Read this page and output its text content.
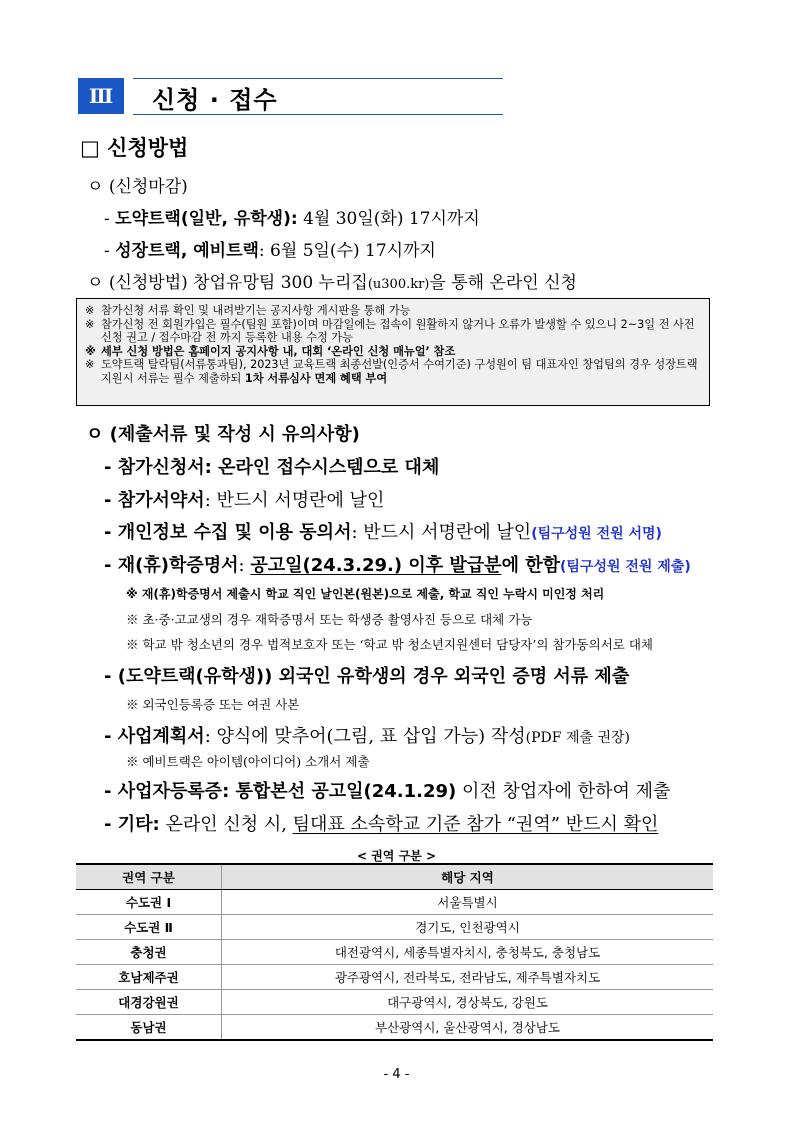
Ⅲ	신청 · 접수
□ 신청방법
ㅇ (신청마감)
- 도약트랙(일반, 유학생): 4월 30일(화) 17시까지
- 성장트랙, 예비트랙: 6월 5일(수) 17시까지
ㅇ (신청방법) 창업유망팀 300 누리집(u300.kr)을 통해 온라인 신청
※ 참가신청 서류 확인 및 내려받기는 공지사항 게시판을 통해 가능
※ 참가신청 전 회원가입은 필수(팀원 포함)이며 마감일에는 접속이 원활하지 않거나 오류가 발생할 수 있으니 2~3일 전 사전 신청 권고 / 접수마감 전 까지 등록한 내용 수정 가능
※ 세부 신청 방법은 홈페이지 공지사항 내, 대회 ‘온라인 신청 매뉴얼’ 참조
※ 도약트랙 탈락팀(서류통과팀), 2023년 교육트랙 최종선발(인증서 수여기준) 구성원이 팀 대표자인 창업팀의 경우 성장트랙 지원시 서류는 필수 제출하되 1차 서류심사 면제 혜택 부여
ㅇ (제출서류 및 작성 시 유의사항)
- 참가신청서: 온라인 접수시스템으로 대체
- 참가서약서: 반드시 서명란에 날인
- 개인정보 수집 및 이용 동의서: 반드시 서명란에 날인(팀구성원 전원 서명)
- 재(휴)학증명서: 공고일(24.3.29.) 이후 발급분에 한함(팀구성원 전원 제출)
※ 재(휴)학증명서 제출시 학교 직인 날인본(원본)으로 제출, 학교 직인 누락시 미인정 처리
※ 초·중·고교생의 경우 재학증명서 또는 학생증 촬영사진 등으로 대체 가능
※ 학교 밖 청소년의 경우 법적보호자 또는 ‘학교 밖 청소년지원센터 담당자’의 참가동의서로 대체
- (도약트랙(유학생)) 외국인 유학생의 경우 외국인 증명 서류 제출
※ 외국인등록증 또는 여권 사본
- 사업계획서: 양식에 맞추어(그림, 표 삽입 가능) 작성(PDF 제출 권장)
※ 예비트랙은 아이템(아이디어) 소개서 제출
- 사업자등록증: 통합본선 공고일(24.1.29) 이전 창업자에 한하여 제출
- 기타: 온라인 신청 시, 팀대표 소속학교 기준 참가 “권역” 반드시 확인
< 권역 구분 >
권역 구분	해당 지역
수도권 Ⅰ	서울특별시
수도권 Ⅱ	경기도, 인천광역시
충청권	대전광역시, 세종특별자치시, 충청북도, 충청남도
호남제주권	광주광역시, 전라북도, 전라남도, 제주특별자치도
대경강원권	대구광역시, 경상북도, 강원도
동남권	부산광역시, 울산광역시, 경상남도
- 4 -
